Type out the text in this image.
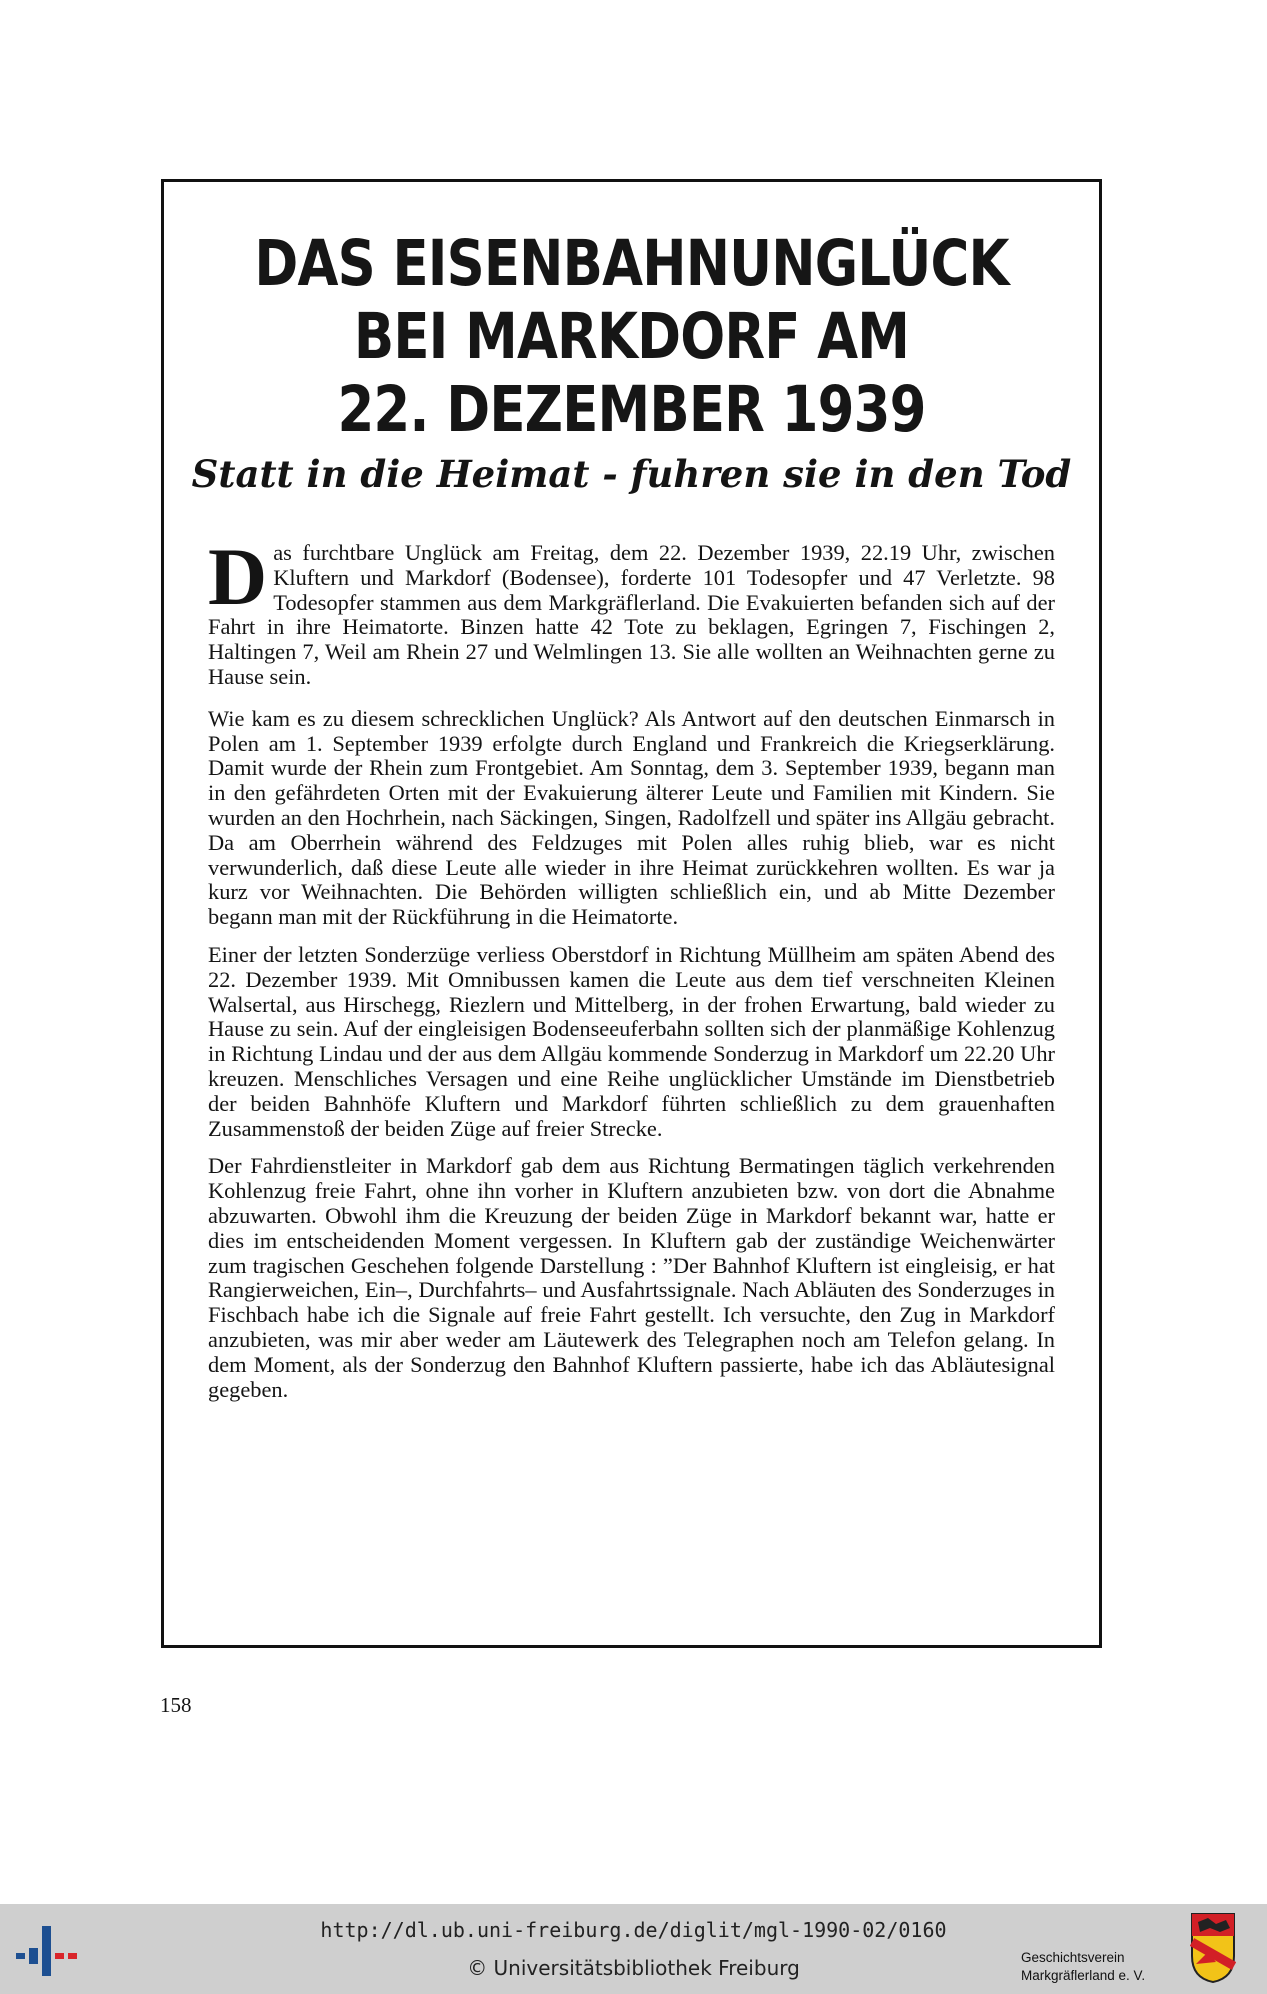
DAS EISENBAHNUNGLÜCK
BEI MARKDORF AM
22. DEZEMBER 1939
Statt in die Heimat - fuhren sie in den Tod

Das furchtbare Unglück am Freitag, dem 22. Dezember 1939, 22.19 Uhr, zwischen Kluftern und Markdorf (Bodensee), forderte 101 Todesopfer und 47 Verletzte. 98 Todesopfer stammen aus dem Markgräflerland. Die Evakuierten befanden sich auf der Fahrt in ihre Heimatorte. Binzen hatte 42 Tote zu beklagen, Egringen 7, Fischingen 2, Haltingen 7, Weil am Rhein 27 und Welmlingen 13. Sie alle wollten an Weihnachten gerne zu Hause sein.

Wie kam es zu diesem schrecklichen Unglück? Als Antwort auf den deutschen Einmarsch in Polen am 1. September 1939 erfolgte durch England und Frankreich die Kriegserklärung. Damit wurde der Rhein zum Frontgebiet. Am Sonntag, dem 3. September 1939, begann man in den gefährdeten Orten mit der Evakuierung älterer Leute und Familien mit Kindern. Sie wurden an den Hochrhein, nach Säckingen, Singen, Radolfzell und später ins Allgäu gebracht. Da am Oberrhein während des Feldzuges mit Polen alles ruhig blieb, war es nicht verwunderlich, daß diese Leute alle wieder in ihre Heimat zurückkehren wollten. Es war ja kurz vor Weihnachten. Die Behörden willigten schließlich ein, und ab Mitte Dezember begann man mit der Rückführung in die Heimatorte.

Einer der letzten Sonderzüge verliess Oberstdorf in Richtung Müllheim am späten Abend des 22. Dezember 1939. Mit Omnibussen kamen die Leute aus dem tief verschneiten Kleinen Walsertal, aus Hirschegg, Riezlern und Mittelberg, in der frohen Erwartung, bald wieder zu Hause zu sein. Auf der eingleisigen Bodenseeuferbahn sollten sich der planmäßige Kohlenzug in Richtung Lindau und der aus dem Allgäu kommende Sonderzug in Markdorf um 22.20 Uhr kreuzen. Menschliches Versagen und eine Reihe unglücklicher Umstände im Dienstbetrieb der beiden Bahnhöfe Kluftern und Markdorf führten schließlich zu dem grauenhaften Zusammenstoß der beiden Züge auf freier Strecke.

Der Fahrdienstleiter in Markdorf gab dem aus Richtung Bermatingen täglich verkehrenden Kohlenzug freie Fahrt, ohne ihn vorher in Kluftern anzubieten bzw. von dort die Abnahme abzuwarten. Obwohl ihm die Kreuzung der beiden Züge in Markdorf bekannt war, hatte er dies im entscheidenden Moment vergessen. In Kluftern gab der zuständige Weichenwärter zum tragischen Geschehen folgende Darstellung : ”Der Bahnhof Kluftern ist eingleisig, er hat Rangierweichen, Ein–, Durchfahrts– und Ausfahrtssignale. Nach Abläuten des Sonderzuges in Fischbach habe ich die Signale auf freie Fahrt gestellt. Ich versuchte, den Zug in Markdorf anzubieten, was mir aber weder am Läutewerk des Telegraphen noch am Telefon gelang. In dem Moment, als der Sonderzug den Bahnhof Kluftern passierte, habe ich das Abläutesignal gegeben.

158
http://dl.ub.uni-freiburg.de/diglit/mgl-1990-02/0160
© Universitätsbibliothek Freiburg	Geschichtsverein
Markgräflerland e. V.
